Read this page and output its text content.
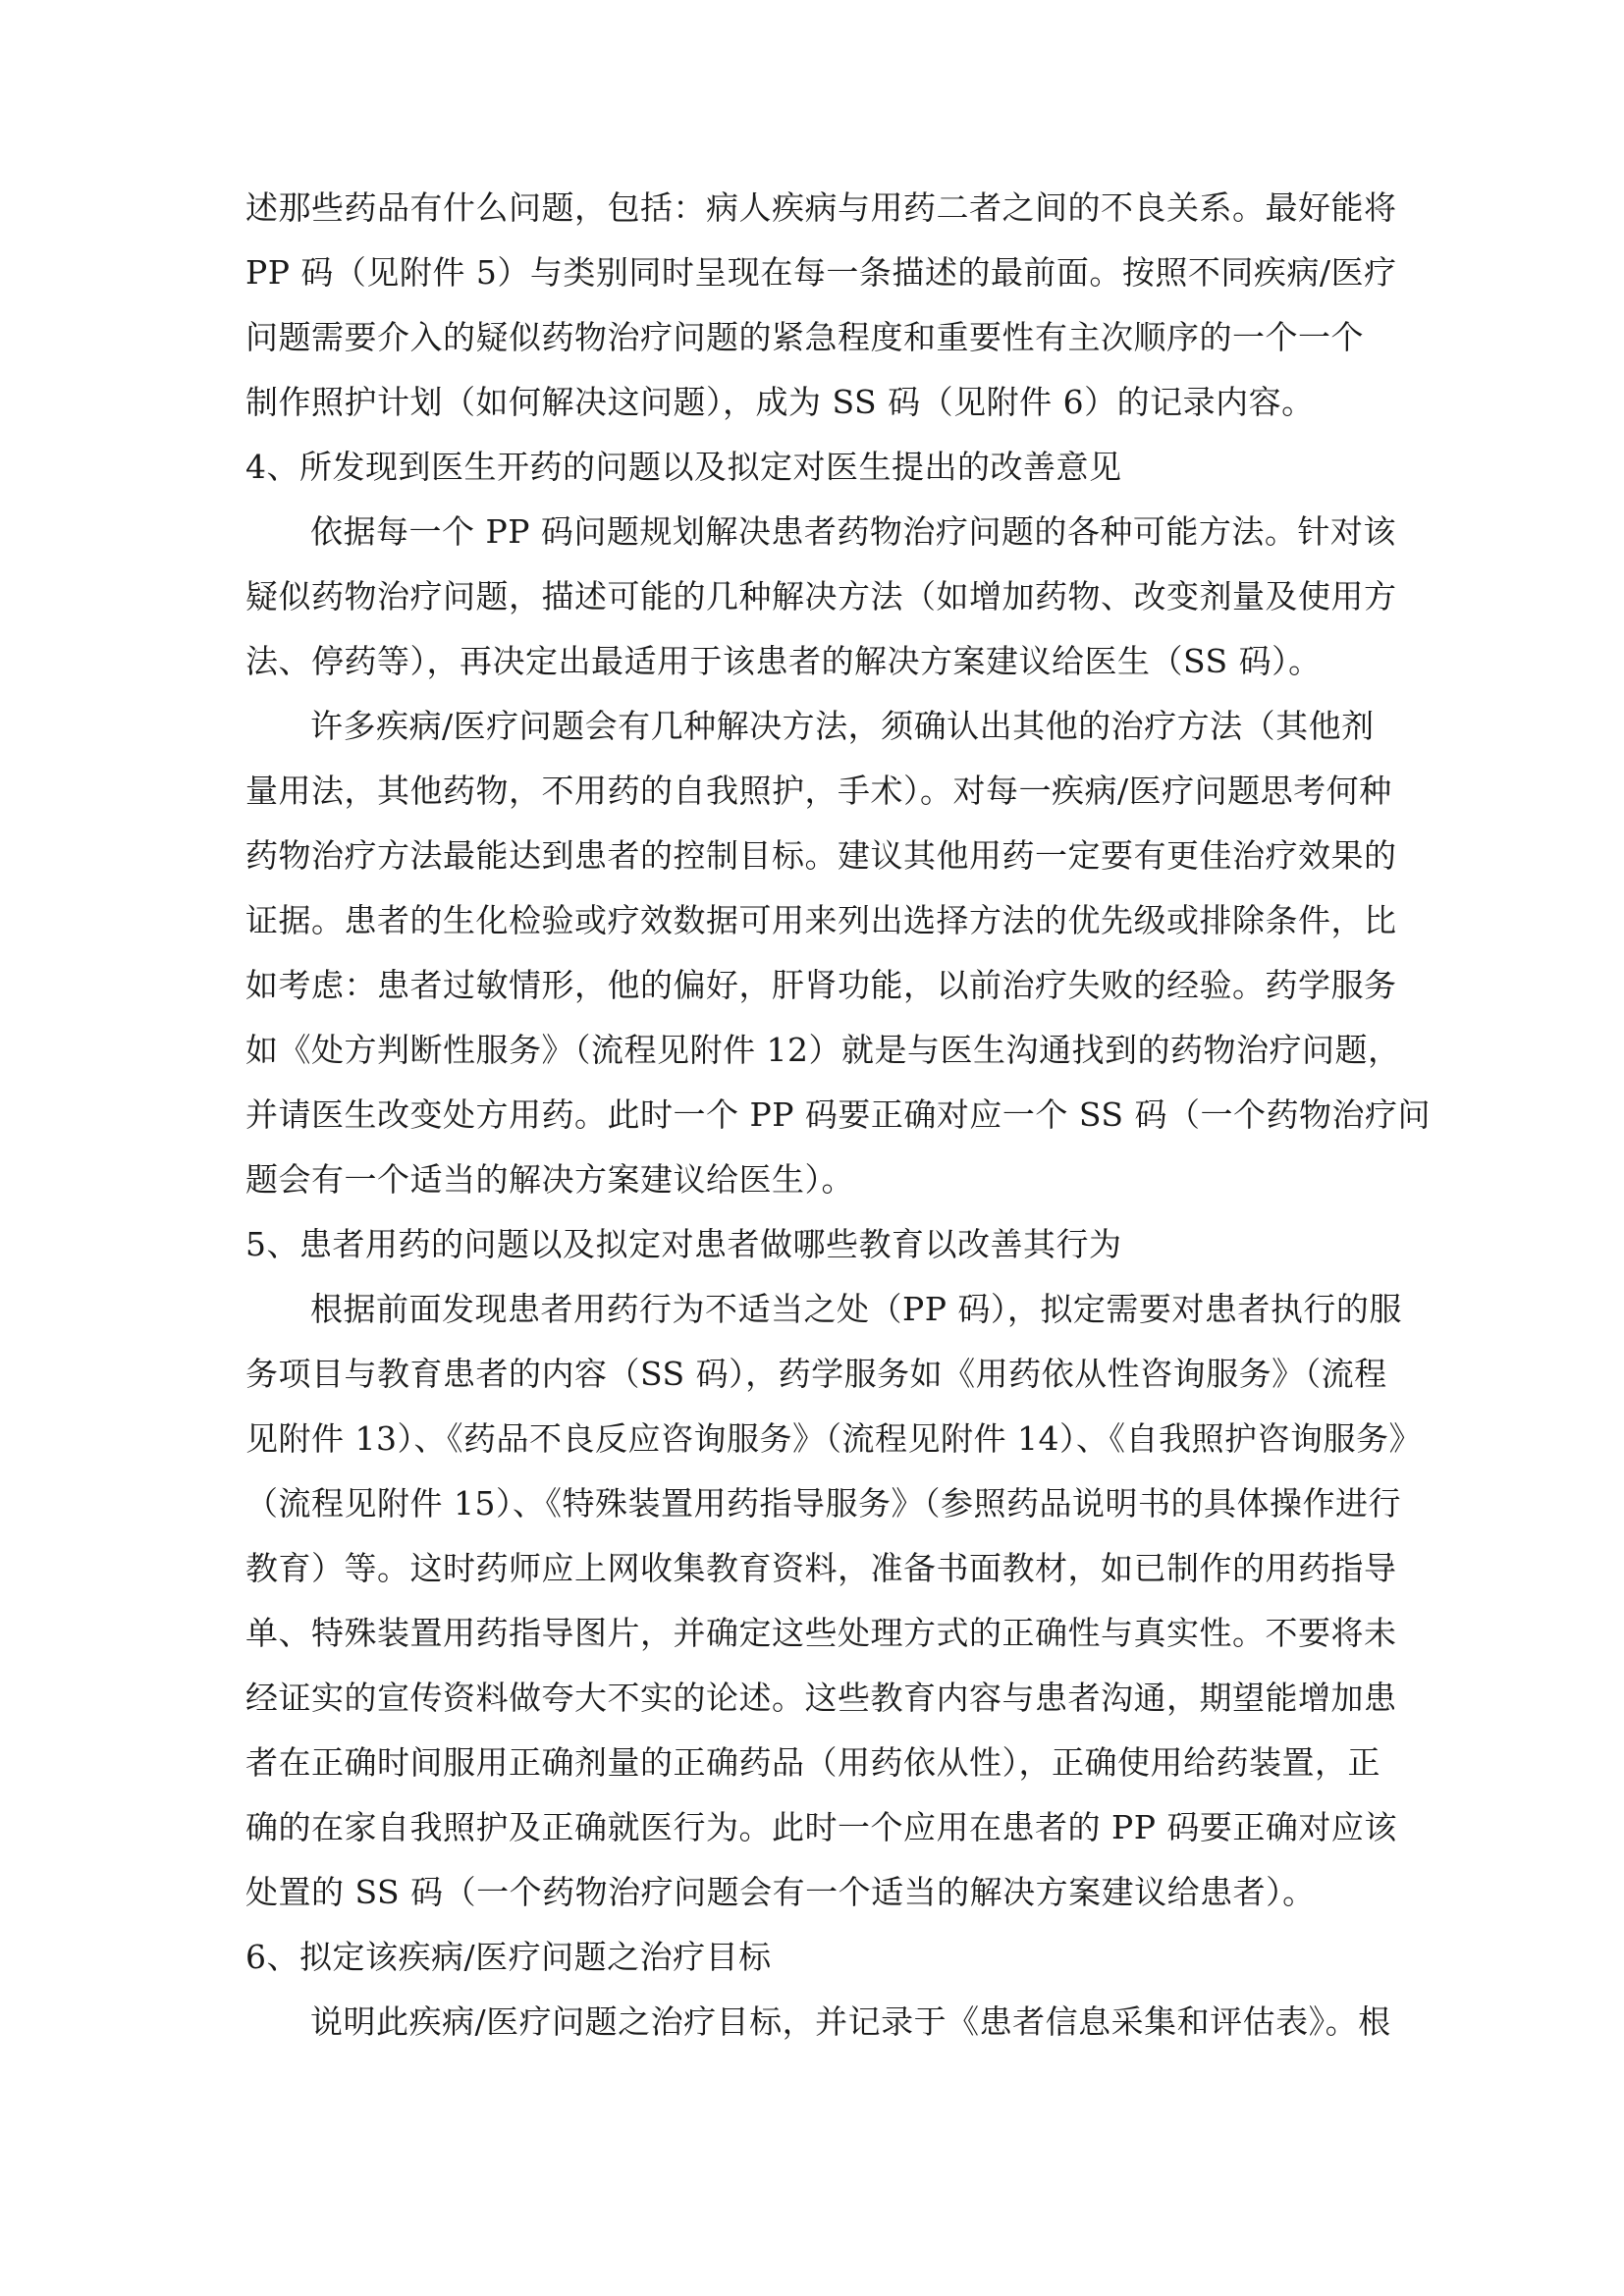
述那些药品有什么问题，包括：病人疾病与用药二者之间的不良关系。最好能将
PP 码（见附件 5）与类别同时呈现在每一条描述的最前面。按照不同疾病/医疗
问题需要介入的疑似药物治疗问题的紧急程度和重要性有主次顺序的一个一个
制作照护计划（如何解决这问题），成为 SS 码（见附件 6）的记录内容。
4、所发现到医生开药的问题以及拟定对医生提出的改善意见
依据每一个 PP 码问题规划解决患者药物治疗问题的各种可能方法。针对该
疑似药物治疗问题，描述可能的几种解决方法（如增加药物、改变剂量及使用方
法、停药等），再决定出最适用于该患者的解决方案建议给医生（SS 码）。
许多疾病/医疗问题会有几种解决方法，须确认出其他的治疗方法（其他剂
量用法，其他药物，不用药的自我照护，手术）。对每一疾病/医疗问题思考何种
药物治疗方法最能达到患者的控制目标。建议其他用药一定要有更佳治疗效果的
证据。患者的生化检验或疗效数据可用来列出选择方法的优先级或排除条件，比
如考虑：患者过敏情形，他的偏好，肝肾功能，以前治疗失败的经验。药学服务
如《处方判断性服务》（流程见附件 12）就是与医生沟通找到的药物治疗问题，
并请医生改变处方用药。此时一个 PP 码要正确对应一个 SS 码（一个药物治疗问
题会有一个适当的解决方案建议给医生）。
5、患者用药的问题以及拟定对患者做哪些教育以改善其行为
根据前面发现患者用药行为不适当之处（PP 码），拟定需要对患者执行的服
务项目与教育患者的内容（SS 码），药学服务如《用药依从性咨询服务》（流程
见附件 13）、《药品不良反应咨询服务》（流程见附件 14）、《自我照护咨询服务》
（流程见附件 15）、《特殊装置用药指导服务》（参照药品说明书的具体操作进行
教育）等。这时药师应上网收集教育资料，准备书面教材，如已制作的用药指导
单、特殊装置用药指导图片，并确定这些处理方式的正确性与真实性。不要将未
经证实的宣传资料做夸大不实的论述。这些教育内容与患者沟通，期望能增加患
者在正确时间服用正确剂量的正确药品（用药依从性），正确使用给药装置，正
确的在家自我照护及正确就医行为。此时一个应用在患者的 PP 码要正确对应该
处置的 SS 码（一个药物治疗问题会有一个适当的解决方案建议给患者）。
6、拟定该疾病/医疗问题之治疗目标
说明此疾病/医疗问题之治疗目标，并记录于《患者信息采集和评估表》。根
